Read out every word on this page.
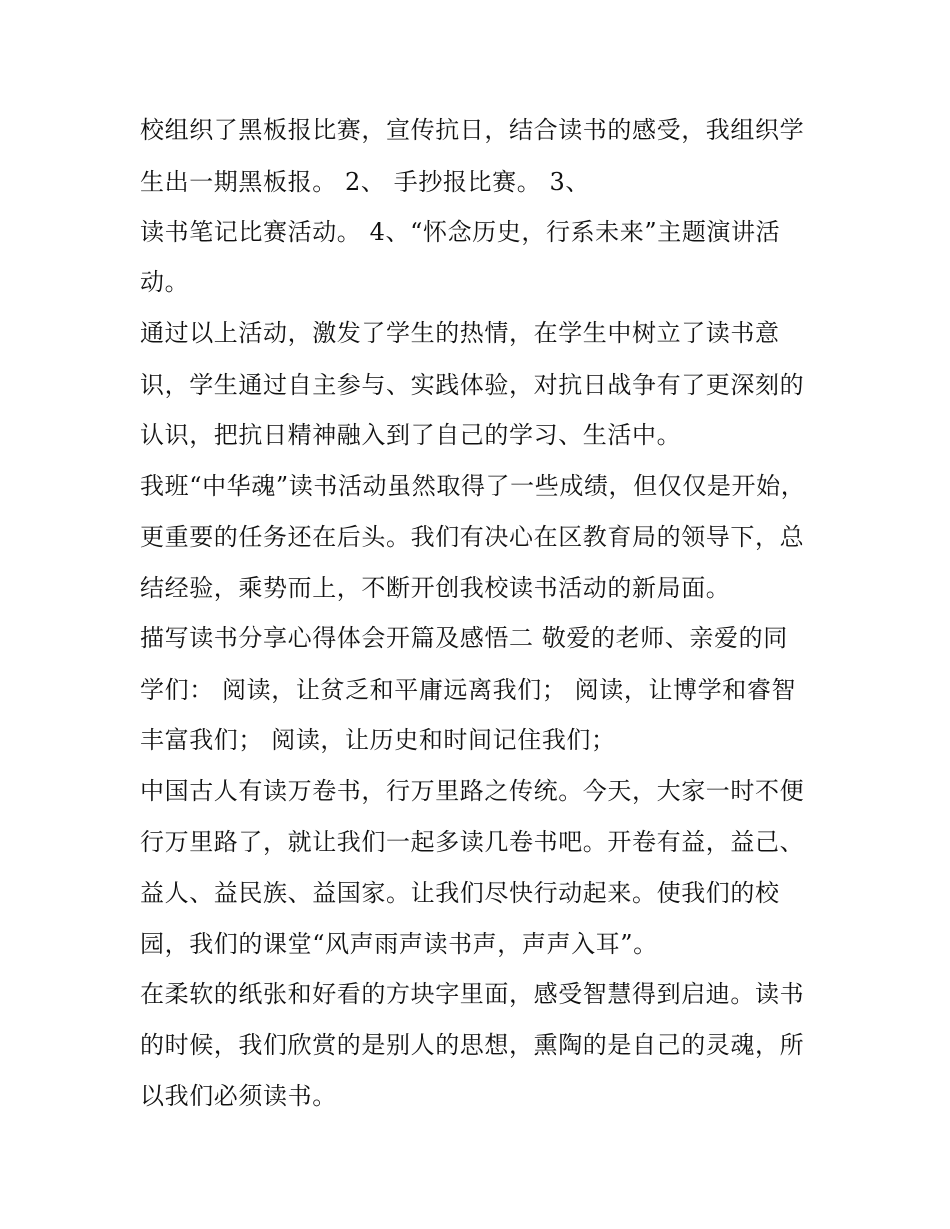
校组织了黑板报比赛，宣传抗日，结合读书的感受，我组织学
生出一期黑板报。 2、 手抄报比赛。 3、
读书笔记比赛活动。 4、“怀念历史，行系未来”主题演讲活
动。
通过以上活动，激发了学生的热情，在学生中树立了读书意
识，学生通过自主参与、实践体验，对抗日战争有了更深刻的
认识，把抗日精神融入到了自己的学习、生活中。
我班“中华魂”读书活动虽然取得了一些成绩，但仅仅是开始，
更重要的任务还在后头。我们有决心在区教育局的领导下，总
结经验，乘势而上，不断开创我校读书活动的新局面。
描写读书分享心得体会开篇及感悟二 敬爱的老师、亲爱的同
学们： 阅读，让贫乏和平庸远离我们； 阅读，让博学和睿智
丰富我们； 阅读，让历史和时间记住我们；
中国古人有读万卷书，行万里路之传统。今天，大家一时不便
行万里路了，就让我们一起多读几卷书吧。开卷有益，益己、
益人、益民族、益国家。让我们尽快行动起来。使我们的校
园，我们的课堂“风声雨声读书声，声声入耳”。
在柔软的纸张和好看的方块字里面，感受智慧得到启迪。读书
的时候，我们欣赏的是别人的思想，熏陶的是自己的灵魂，所
以我们必须读书。
